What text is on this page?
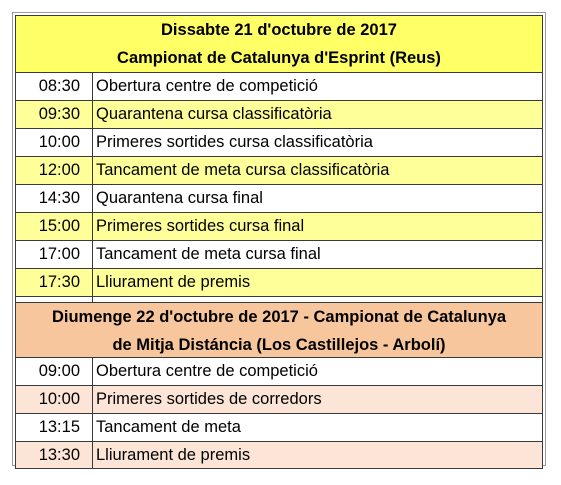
Dissabte 21 d'octubre de 2017
Campionat de Catalunya d'Esprint (Reus)
08:30 Obertura centre de competició
09:30 Quarantena cursa classificatòria
10:00 Primeres sortides cursa classificatòria
12:00 Tancament de meta cursa classificatòria
14:30 Quarantena cursa final
15:00 Primeres sortides cursa final
17:00 Tancament de meta cursa final
17:30 Lliurament de premis
Diumenge 22 d'octubre de 2017 - Campionat de Catalunya
de Mitja Distáncia (Los Castillejos - Arbolí)
09:00 Obertura centre de competició
10:00 Primeres sortides de corredors
13:15 Tancament de meta
13:30 Lliurament de premis
